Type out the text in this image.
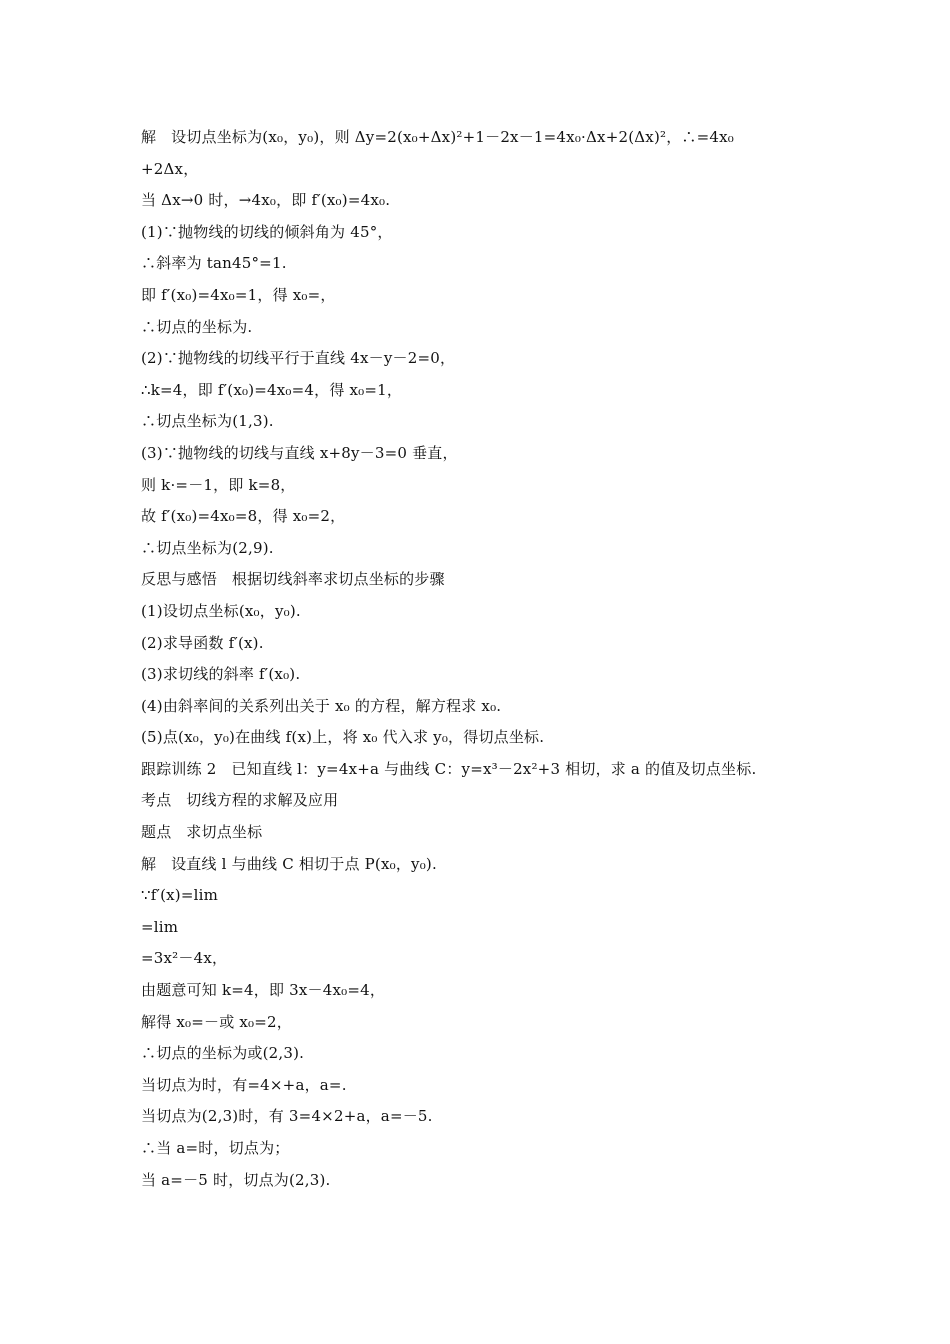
解   设切点坐标为(x₀，y₀)，则 Δy=2(x₀+Δx)²+1－2x－1=4x₀·Δx+2(Δx)²，∴=4x₀
+2Δx，
当 Δx→0 时，→4x₀，即 f′(x₀)=4x₀.
(1)∵抛物线的切线的倾斜角为 45°，
∴斜率为 tan45°=1.
即 f′(x₀)=4x₀=1，得 x₀=，
∴切点的坐标为.
(2)∵抛物线的切线平行于直线 4x－y－2=0，
∴k=4，即 f′(x₀)=4x₀=4，得 x₀=1，
∴切点坐标为(1,3).
(3)∵抛物线的切线与直线 x+8y－3=0 垂直，
则 k·=－1，即 k=8，
故 f′(x₀)=4x₀=8，得 x₀=2，
∴切点坐标为(2,9).
反思与感悟   根据切线斜率求切点坐标的步骤
(1)设切点坐标(x₀，y₀).
(2)求导函数 f′(x).
(3)求切线的斜率 f′(x₀).
(4)由斜率间的关系列出关于 x₀ 的方程，解方程求 x₀.
(5)点(x₀，y₀)在曲线 f(x)上，将 x₀ 代入求 y₀，得切点坐标.
跟踪训练 2   已知直线 l：y=4x+a 与曲线 C：y=x³－2x²+3 相切，求 a 的值及切点坐标.
考点   切线方程的求解及应用
题点   求切点坐标
解   设直线 l 与曲线 C 相切于点 P(x₀，y₀).
∵f′(x)=lim
=lim
=3x²－4x，
由题意可知 k=4，即 3x－4x₀=4，
解得 x₀=－或 x₀=2，
∴切点的坐标为或(2,3).
当切点为时，有=4×+a，a=.
当切点为(2,3)时，有 3=4×2+a，a=－5.
∴当 a=时，切点为；
当 a=－5 时，切点为(2,3).
